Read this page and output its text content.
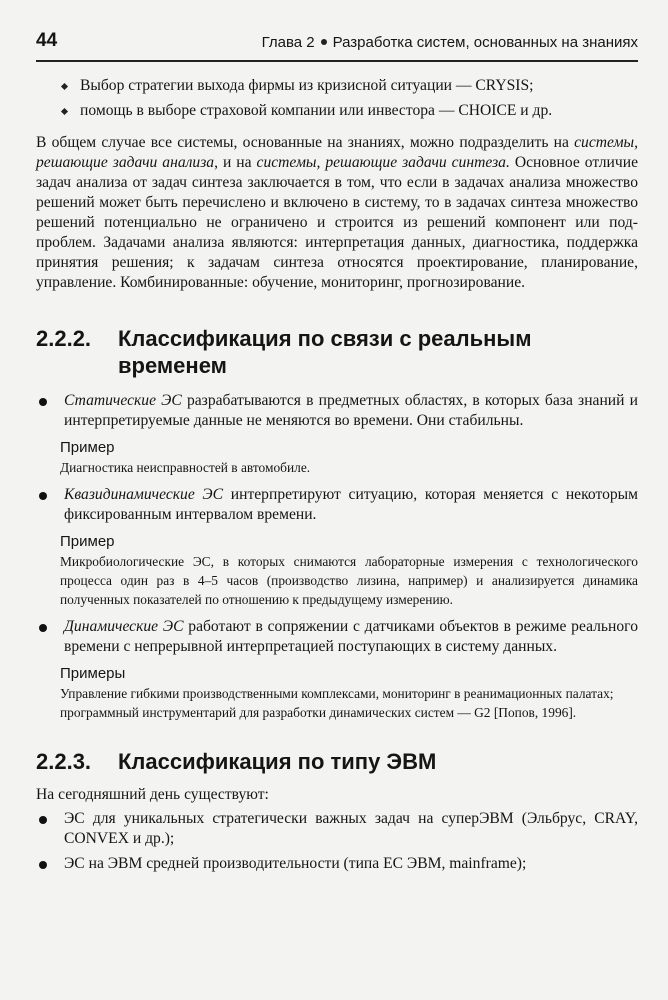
44	Глава 2 Разработка систем, основанных на знаниях
Выбор стратегии выхода фирмы из кризисной ситуации — CRYSIS;
помощь в выборе страховой компании или инвестора — CHOICE и др.

В общем случае все системы, основанные на знаниях, можно подразделить на системы, решающие задачи анализа, и на системы, решающие задачи синтеза. Основное отличие задач анализа от задач синтеза заключается в том, что если в задачах анализа множество решений может быть перечислено и включено в систему, то в задачах синтеза множество решений потенциально не ограничено и строится из решений компонент или под-проблем. Задачами анализа являются: интерпретация данных, диагностика, поддержка принятия решения; к задачам синтеза относятся проектирование, планирование, управление. Комбинированные: обучение, мониторинг, прогнозирование.

2.2.2. Классификация по связи с реальным
временем
Статические ЭС разрабатываются в предметных областях, в которых база знаний и интерпретируемые данные не меняются во времени. Они стабильны.
Пример
Диагностика неисправностей в автомобиле.
Квазидинамические ЭС интерпретируют ситуацию, которая меняется с некоторым фиксированным интервалом времени.
Пример
Микробиологические ЭС, в которых снимаются лабораторные измерения с технологического процесса один раз в 4–5 часов (производство лизина, например) и анализируется динамика полученных показателей по отношению к предыдущему измерению.
Динамические ЭС работают в сопряжении с датчиками объектов в режиме реального времени с непрерывной интерпретацией поступающих в систему данных.
Примеры
Управление гибкими производственными комплексами, мониторинг в реанимационных палатах;
программный инструментарий для разработки динамических систем — G2 [Попов, 1996].
2.2.3. Классификация по типу ЭВМ

На сегодняшний день существуют:

ЭС для уникальных стратегически важных задач на суперЭВМ (Эльбрус, CRAY, CONVEX и др.);
ЭС на ЭВМ средней производительности (типа ЕС ЭВМ, mainframe);
